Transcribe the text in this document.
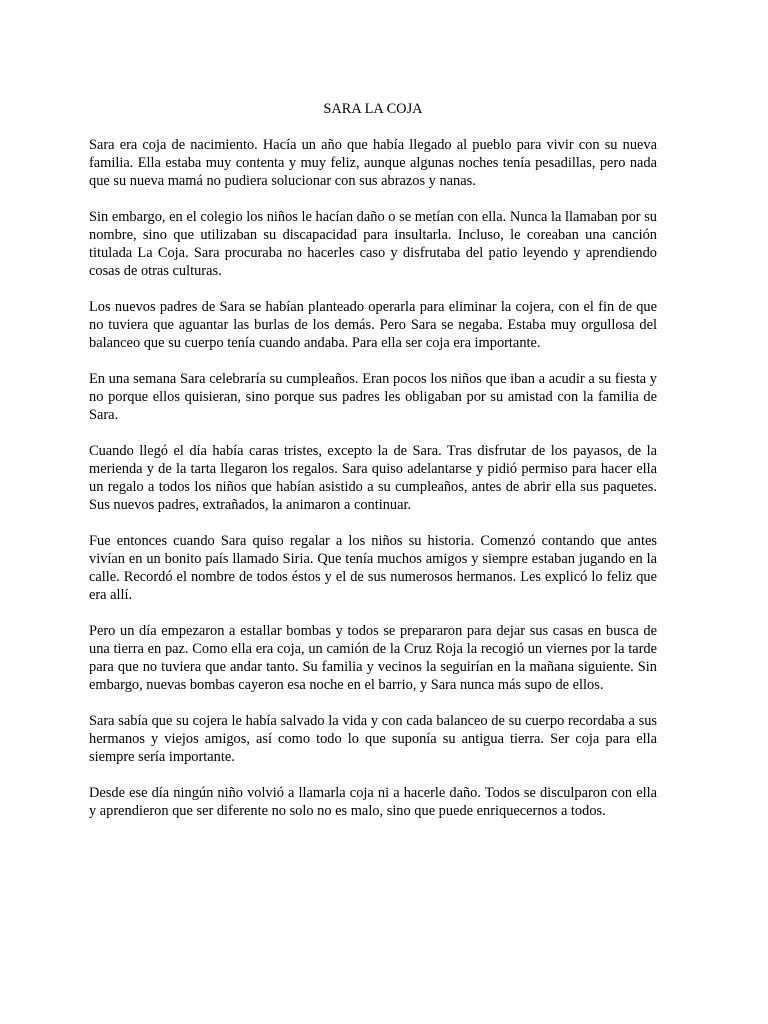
SARA LA COJA

Sara era coja de nacimiento. Hacía un año que había llegado al pueblo para vivir con su nueva familia. Ella estaba muy contenta y muy feliz, aunque algunas noches tenía pesadillas, pero nada que su nueva mamá no pudiera solucionar con sus abrazos y nanas.

Sin embargo, en el colegio los niños le hacían daño o se metían con ella. Nunca la llamaban por su nombre, sino que utilizaban su discapacidad para insultarla. Incluso, le coreaban una canción titulada La Coja. Sara procuraba no hacerles caso y disfrutaba del patio leyendo y aprendiendo cosas de otras culturas.

Los nuevos padres de Sara se habían planteado operarla para eliminar la cojera, con el fin de que no tuviera que aguantar las burlas de los demás. Pero Sara se negaba. Estaba muy orgullosa del balanceo que su cuerpo tenía cuando andaba. Para ella ser coja era importante.

En una semana Sara celebraría su cumpleaños. Eran pocos los niños que iban a acudir a su fiesta y no porque ellos quisieran, sino porque sus padres les obligaban por su amistad con la familia de Sara.

Cuando llegó el día había caras tristes, excepto la de Sara. Tras disfrutar de los payasos, de la merienda y de la tarta llegaron los regalos. Sara quiso adelantarse y pidió permiso para hacer ella un regalo a todos los niños que habían asistido a su cumpleaños, antes de abrir ella sus paquetes. Sus nuevos padres, extrañados, la animaron a continuar.

Fue entonces cuando Sara quiso regalar a los niños su historia. Comenzó contando que antes vivían en un bonito país llamado Siria. Que tenía muchos amigos y siempre estaban jugando en la calle. Recordó el nombre de todos éstos y el de sus numerosos hermanos. Les explicó lo feliz que era allí.

Pero un día empezaron a estallar bombas y todos se prepararon para dejar sus casas en busca de una tierra en paz. Como ella era coja, un camión de la Cruz Roja la recogió un viernes por la tarde para que no tuviera que andar tanto. Su familia y vecinos la seguirían en la mañana siguiente. Sin embargo, nuevas bombas cayeron esa noche en el barrio, y Sara nunca más supo de ellos.

Sara sabía que su cojera le había salvado la vida y con cada balanceo de su cuerpo recordaba a sus hermanos y viejos amigos, así como todo lo que suponía su antigua tierra. Ser coja para ella siempre sería importante.

Desde ese día ningún niño volvió a llamarla coja ni a hacerle daño. Todos se disculparon con ella y aprendieron que ser diferente no solo no es malo, sino que puede enriquecernos a todos.
